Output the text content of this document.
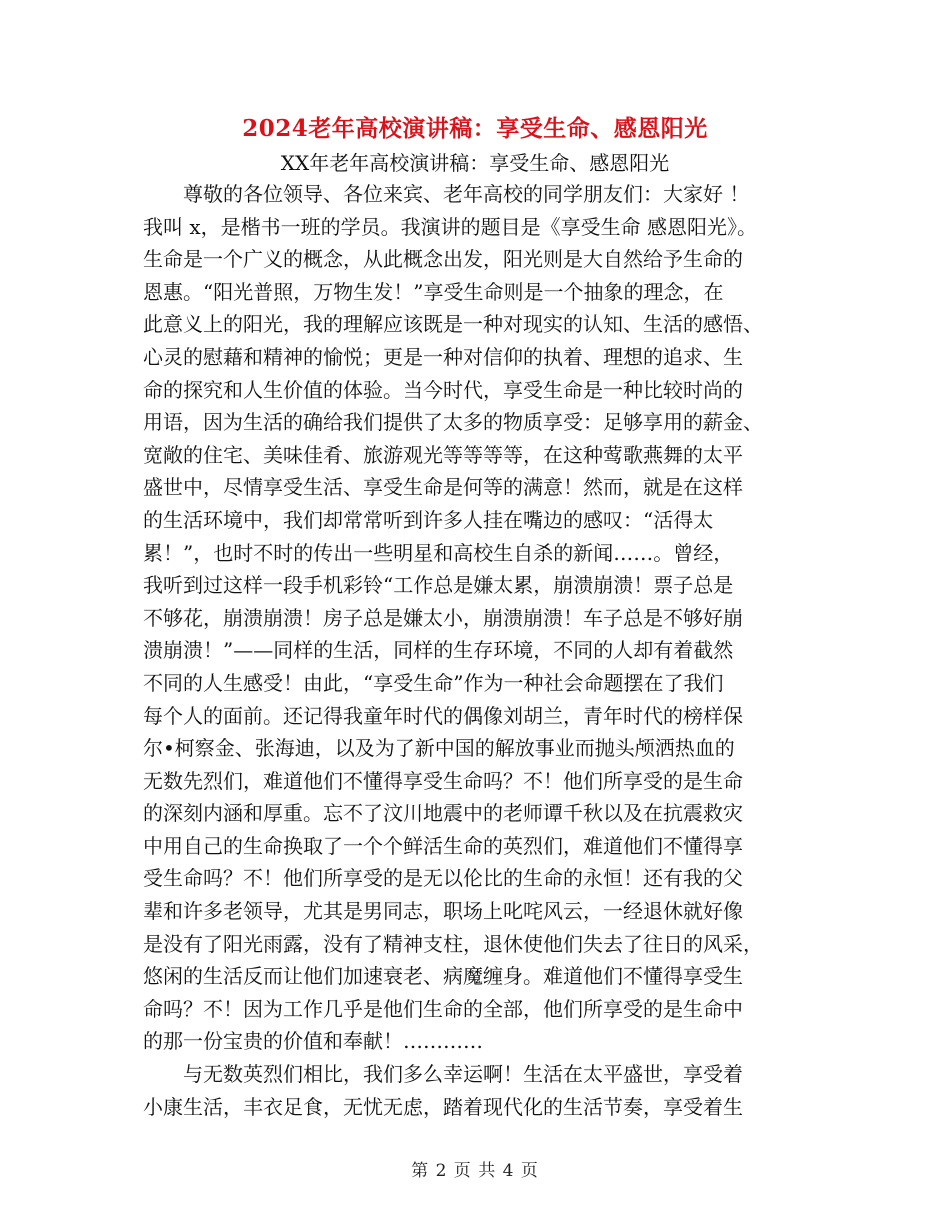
2024老年高校演讲稿：享受生命、感恩阳光
XX年老年高校演讲稿：享受生命、感恩阳光
尊敬的各位领导、各位来宾、老年高校的同学朋友们：大家好 ！
我叫 x，是楷书一班的学员。我演讲的题目是《享受生命 感恩阳光》。
生命是一个广义的概念，从此概念出发，阳光则是大自然给予生命的
恩惠。“阳光普照，万物生发！”享受生命则是一个抽象的理念，在
此意义上的阳光，我的理解应该既是一种对现实的认知、生活的感悟、
心灵的慰藉和精神的愉悦；更是一种对信仰的执着、理想的追求、生
命的探究和人生价值的体验。当今时代，享受生命是一种比较时尚的
用语，因为生活的确给我们提供了太多的物质享受：足够享用的薪金、
宽敞的住宅、美味佳肴、旅游观光等等等等，在这种莺歌燕舞的太平
盛世中，尽情享受生活、享受生命是何等的满意！然而，就是在这样
的生活环境中，我们却常常听到许多人挂在嘴边的感叹：“活得太
累！”，也时不时的传出一些明星和高校生自杀的新闻……。曾经，
我听到过这样一段手机彩铃“工作总是嫌太累，崩溃崩溃！票子总是
不够花，崩溃崩溃！房子总是嫌太小，崩溃崩溃！车子总是不够好崩
溃崩溃！”——同样的生活，同样的生存环境，不同的人却有着截然
不同的人生感受！由此，“享受生命”作为一种社会命题摆在了我们
每个人的面前。还记得我童年时代的偶像刘胡兰，青年时代的榜样保
尔•柯察金、张海迪，以及为了新中国的解放事业而抛头颅洒热血的
无数先烈们，难道他们不懂得享受生命吗？不！他们所享受的是生命
的深刻内涵和厚重。忘不了汶川地震中的老师谭千秋以及在抗震救灾
中用自己的生命换取了一个个鲜活生命的英烈们，难道他们不懂得享
受生命吗？不！他们所享受的是无以伦比的生命的永恒！还有我的父
辈和许多老领导，尤其是男同志，职场上叱咤风云，一经退休就好像
是没有了阳光雨露，没有了精神支柱，退休使他们失去了往日的风采，
悠闲的生活反而让他们加速衰老、病魔缠身。难道他们不懂得享受生
命吗？不！因为工作几乎是他们生命的全部，他们所享受的是生命中
的那一份宝贵的价值和奉献！…………
与无数英烈们相比，我们多么幸运啊！生活在太平盛世，享受着
小康生活，丰衣足食，无忧无虑，踏着现代化的生活节奏，享受着生
第 2 页 共 4 页
